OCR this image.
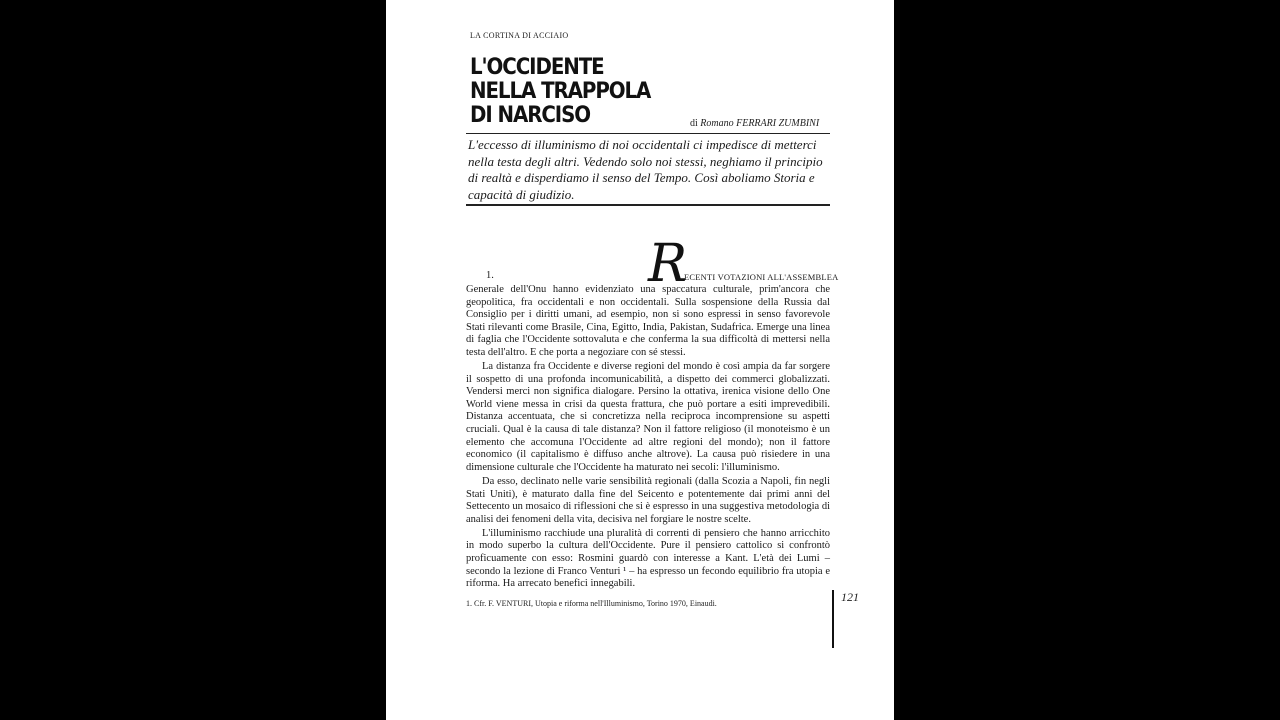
LA CORTINA DI ACCIAIO
L'OCCIDENTE
NELLA TRAPPOLA
DI NARCISO	di Romano FERRARI ZUMBINI
L'eccesso di illuminismo di noi occidentali ci impedisce di metterci nella testa degli altri. Vedendo solo noi stessi, neghiamo il principio di realtà e disperdiamo il senso del Tempo. Così aboliamo Storia e capacità di giudizio.
1.	R
ECENTI VOTAZIONI ALL'ASSEMBLEA

Generale dell'Onu hanno evidenziato una spaccatura culturale, prim'ancora che geopolitica, fra occidentali e non occidentali. Sulla sospensione della Russia dal Consiglio per i diritti umani, ad esempio, non si sono espressi in senso favorevole Stati rilevanti come Brasile, Cina, Egitto, India, Pakistan, Sudafrica. Emerge una linea di faglia che l'Occidente sottovaluta e che conferma la sua difficoltà di mettersi nella testa dell'altro. E che porta a negoziare con sé stessi.

La distanza fra Occidente e diverse regioni del mondo è così ampia da far sorgere il sospetto di una profonda incomunicabilità, a dispetto dei commerci globalizzati. Vendersi merci non significa dialogare. Persino la ottativa, irenica visione dello One World viene messa in crisi da questa frattura, che può portare a esiti imprevedibili. Distanza accentuata, che si concretizza nella reciproca incomprensione su aspetti cruciali. Qual è la causa di tale distanza? Non il fattore religioso (il monoteismo è un elemento che accomuna l'Occidente ad altre regioni del mondo); non il fattore economico (il capitalismo è diffuso anche altrove). La causa può risiedere in una dimensione culturale che l'Occidente ha maturato nei secoli: l'illuminismo.

Da esso, declinato nelle varie sensibilità regionali (dalla Scozia a Napoli, fin negli Stati Uniti), è maturato dalla fine del Seicento e potentemente dai primi anni del Settecento un mosaico di riflessioni che si è espresso in una suggestiva metodologia di analisi dei fenomeni della vita, decisiva nel forgiare le nostre scelte.

L'illuminismo racchiude una pluralità di correnti di pensiero che hanno arricchito in modo superbo la cultura dell'Occidente. Pure il pensiero cattolico si confrontò proficuamente con esso: Rosmini guardò con interesse a Kant. L'età dei Lumi – secondo la lezione di Franco Venturi ¹ – ha espresso un fecondo equilibrio fra utopia e riforma. Ha arrecato benefici innegabili.

1. Cfr. F. VENTURI, Utopia e riforma nell'Illuminismo, Torino 1970, Einaudi.	121
